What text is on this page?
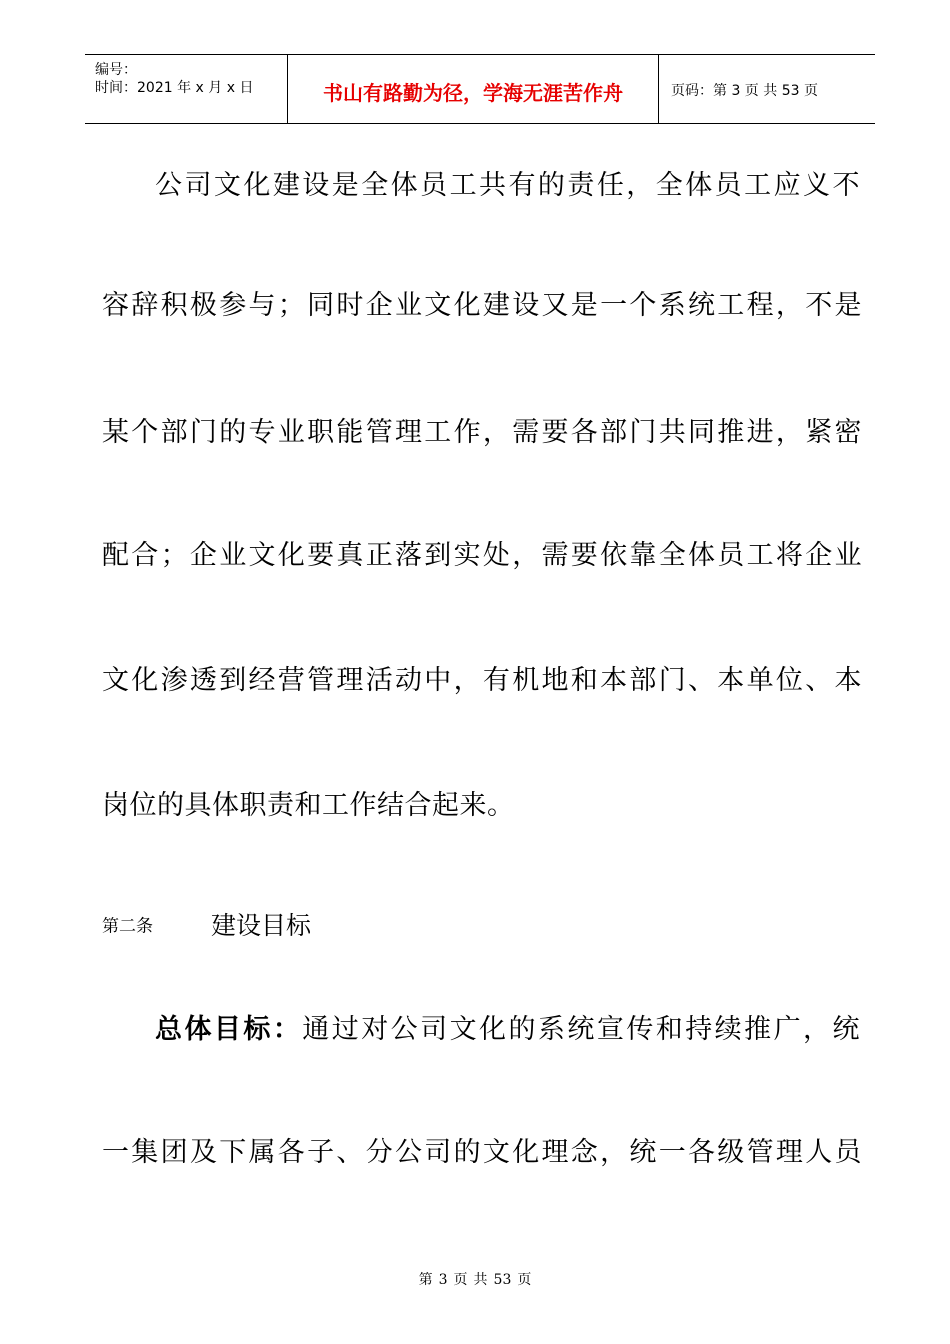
编号：
时间：2021 年 x 月 x 日	书山有路勤为径，学海无涯苦作舟	页码：第 3 页 共 53 页
公司文化建设是全体员工共有的责任，全体员工应义不
容辞积极参与；同时企业文化建设又是一个系统工程，不是
某个部门的专业职能管理工作，需要各部门共同推进，紧密
配合；企业文化要真正落到实处，需要依靠全体员工将企业
文化渗透到经营管理活动中，有机地和本部门、本单位、本
岗位的具体职责和工作结合起来。
第二条 建设目标
总体目标：通过对公司文化的系统宣传和持续推广，统
一集团及下属各子、分公司的文化理念，统一各级管理人员
第 3 页 共 53 页
